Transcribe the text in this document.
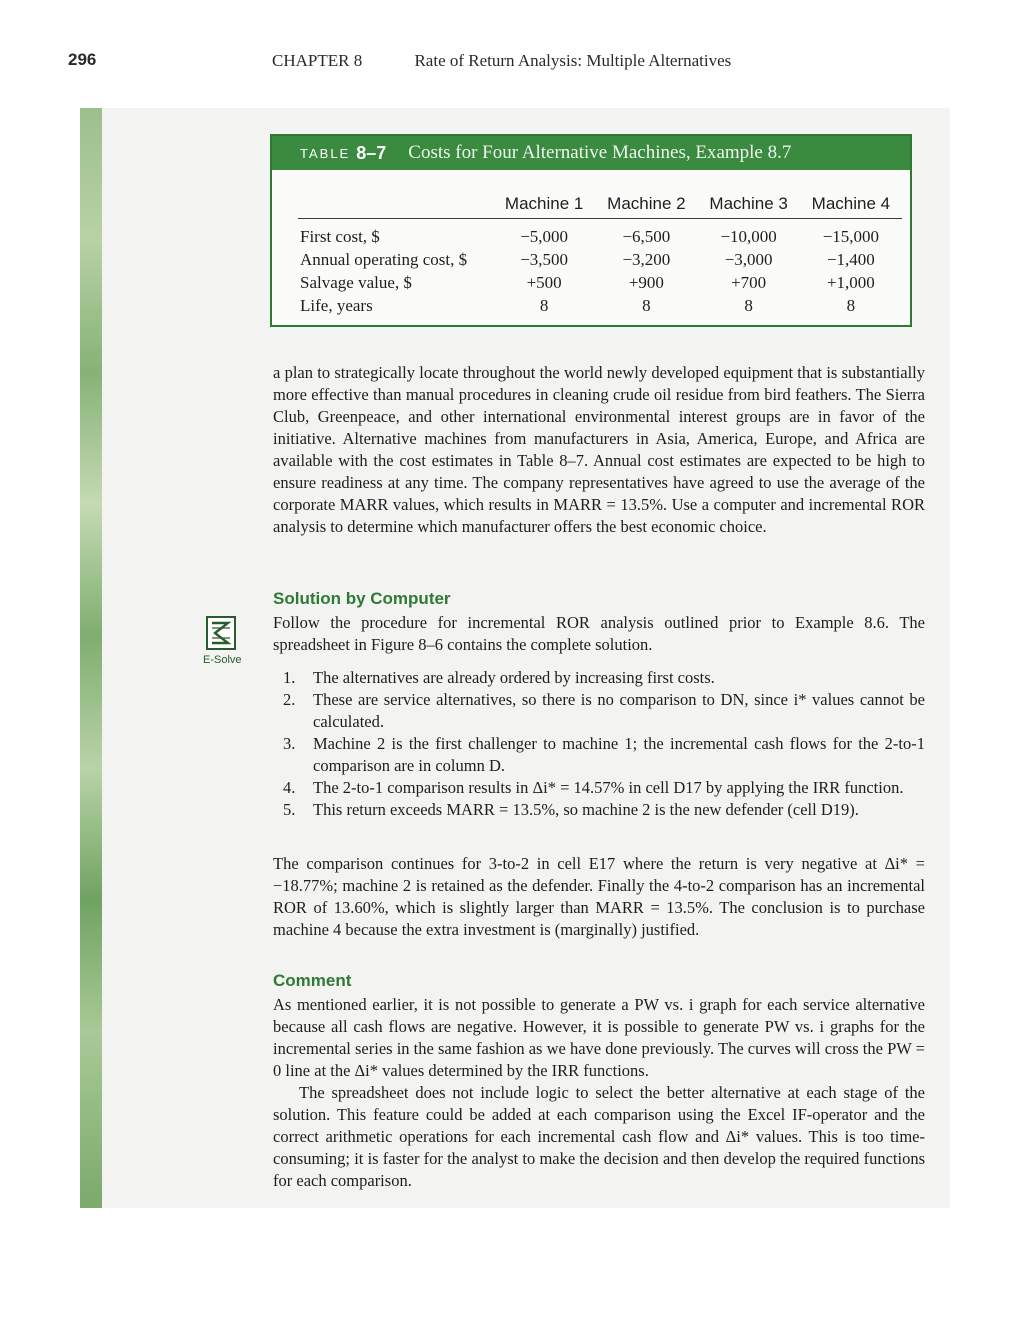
296	CHAPTER 8	Rate of Return Analysis: Multiple Alternatives
TABLE 8–7 Costs for Four Alternative Machines, Example 8.7
	Machine 1	Machine 2	Machine 3	Machine 4
First cost, $	−5,000	−6,500	−10,000	−15,000
Annual operating cost, $	−3,500	−3,200	−3,000	−1,400
Salvage value, $	+500	+900	+700	+1,000
Life, years	8	8	8	8

a plan to strategically locate throughout the world newly developed equipment that is substantially more effective than manual procedures in cleaning crude oil residue from bird feathers. The Sierra Club, Greenpeace, and other international environmental interest groups are in favor of the initiative. Alternative machines from manufacturers in Asia, America, Europe, and Africa are available with the cost estimates in Table 8–7. Annual cost estimates are expected to be high to ensure readiness at any time. The company representatives have agreed to use the average of the corporate MARR values, which results in MARR = 13.5%. Use a computer and incremental ROR analysis to determine which manufacturer offers the best economic choice.

Solution by Computer

Follow the procedure for incremental ROR analysis outlined prior to Example 8.6. The spreadsheet in Figure 8–6 contains the complete solution.

E-Solve
1. The alternatives are already ordered by increasing first costs.
2. These are service alternatives, so there is no comparison to DN, since i* values cannot be calculated.
3. Machine 2 is the first challenger to machine 1; the incremental cash flows for the 2-to-1 comparison are in column D.
4. The 2-to-1 comparison results in Δi* = 14.57% in cell D17 by applying the IRR function.
5. This return exceeds MARR = 13.5%, so machine 2 is the new defender (cell D19).

The comparison continues for 3-to-2 in cell E17 where the return is very negative at Δi* = −18.77%; machine 2 is retained as the defender. Finally the 4-to-2 comparison has an incremental ROR of 13.60%, which is slightly larger than MARR = 13.5%. The conclusion is to purchase machine 4 because the extra investment is (marginally) justified.

Comment

As mentioned earlier, it is not possible to generate a PW vs. i graph for each service alternative because all cash flows are negative. However, it is possible to generate PW vs. i graphs for the incremental series in the same fashion as we have done previously. The curves will cross the PW = 0 line at the Δi* values determined by the IRR functions.

The spreadsheet does not include logic to select the better alternative at each stage of the solution. This feature could be added at each comparison using the Excel IF-operator and the correct arithmetic operations for each incremental cash flow and Δi* values. This is too time-consuming; it is faster for the analyst to make the decision and then develop the required functions for each comparison.
